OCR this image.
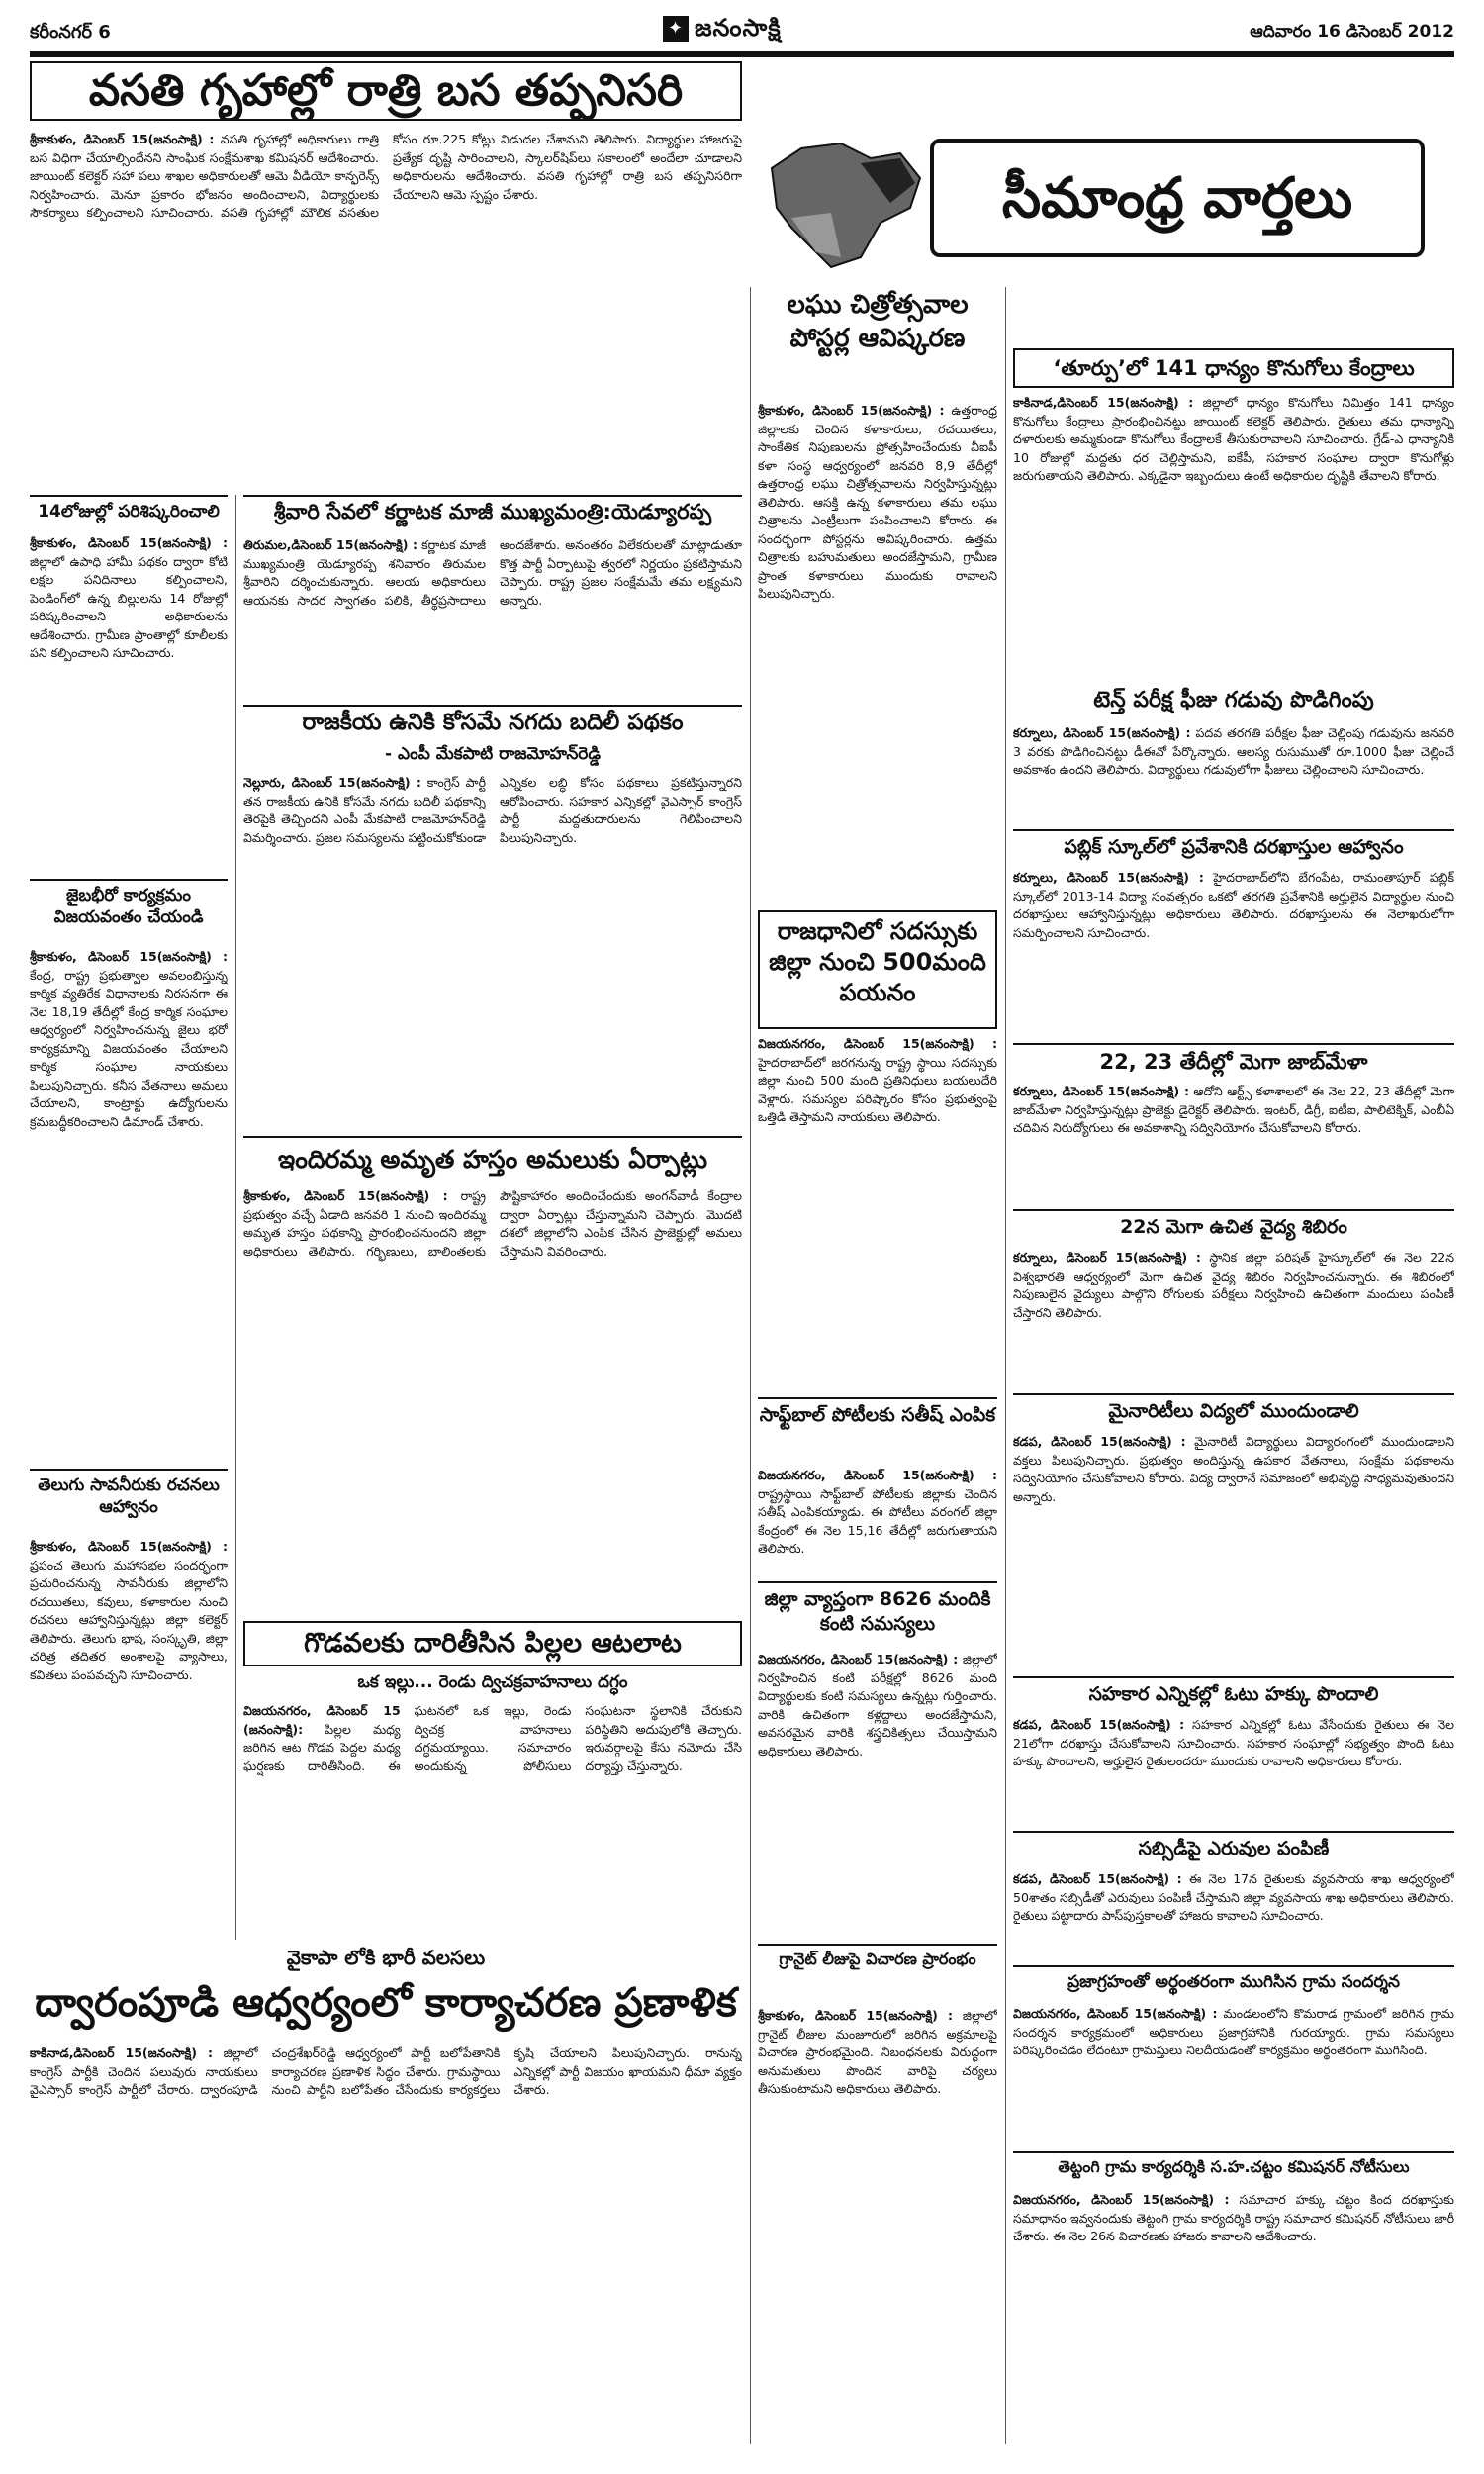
కరీంనగర్ 6	✦ జనంసాక్షి	ఆదివారం 16 డిసెంబర్ 2012
వసతి గృహాల్లో రాత్రి బస తప్పనిసరి
సీమాంధ్ర వార్తలు

శ్రీకాకుళం, డిసెంబర్ 15(జనంసాక్షి) : వసతి గృహాల్లో అధికారులు రాత్రి బస విధిగా చేయాల్సిందేనని సాంఘిక సంక్షేమశాఖ కమిషనర్ ఆదేశించారు. జాయింట్ కలెక్టర్ సహా పలు శాఖల అధికారులతో ఆమె వీడియో కాన్ఫరెన్స్ నిర్వహించారు. మెనూ ప్రకారం భోజనం అందించాలని, విద్యార్థులకు సౌకర్యాలు కల్పించాలని సూచించారు. వసతి గృహాల్లో మౌలిక వసతుల కోసం రూ.225 కోట్లు విడుదల చేశామని తెలిపారు. విద్యార్థుల హాజరుపై ప్రత్యేక దృష్టి సారించాలని, స్కాలర్‌షిప్‌లు సకాలంలో అందేలా చూడాలని అధికారులను ఆదేశించారు. వసతి గృహాల్లో రాత్రి బస తప్పనిసరిగా చేయాలని ఆమె స్పష్టం చేశారు.

14లోజుల్లో పరిశిష్కరించాలి

శ్రీకాకుళం, డిసెంబర్ 15(జనంసాక్షి) : జిల్లాలో ఉపాధి హామీ పథకం ద్వారా కోటి లక్షల పనిదినాలు కల్పించాలని, పెండింగ్‌లో ఉన్న బిల్లులను 14 రోజుల్లో పరిష్కరించాలని అధికారులను ఆదేశించారు. గ్రామీణ ప్రాంతాల్లో కూలీలకు పని కల్పించాలని సూచించారు.

జైబభీరో కార్యక్రమం విజయవంతం చేయండి

శ్రీకాకుళం, డిసెంబర్ 15(జనంసాక్షి) : కేంద్ర, రాష్ట్ర ప్రభుత్వాల అవలంబిస్తున్న కార్మిక వ్యతిరేక విధానాలకు నిరసనగా ఈ నెల 18,19 తేదీల్లో కేంద్ర కార్మిక సంఘాల ఆధ్వర్యంలో నిర్వహించనున్న జైలు భరో కార్యక్రమాన్ని విజయవంతం చేయాలని కార్మిక సంఘాల నాయకులు పిలుపునిచ్చారు. కనీస వేతనాలు అమలు చేయాలని, కాంట్రాక్టు ఉద్యోగులను క్రమబద్ధీకరించాలని డిమాండ్ చేశారు.

తెలుగు సావనీరుకు రచనలు ఆహ్వానం

శ్రీకాకుళం, డిసెంబర్ 15(జనంసాక్షి) : ప్రపంచ తెలుగు మహాసభల సందర్భంగా ప్రచురించనున్న సావనీరుకు జిల్లాలోని రచయితలు, కవులు, కళాకారుల నుంచి రచనలు ఆహ్వానిస్తున్నట్లు జిల్లా కలెక్టర్ తెలిపారు. తెలుగు భాష, సంస్కృతి, జిల్లా చరిత్ర తదితర అంశాలపై వ్యాసాలు, కవితలు పంపవచ్చని సూచించారు.

శ్రీవారి సేవలో కర్ణాటక మాజీ ముఖ్యమంత్రి:యెడ్యూరప్ప

తిరుమల,డిసెంబర్ 15(జనంసాక్షి) : కర్ణాటక మాజీ ముఖ్యమంత్రి యెడ్యూరప్ప శనివారం తిరుమల శ్రీవారిని దర్శించుకున్నారు. ఆలయ అధికారులు ఆయనకు సాదర స్వాగతం పలికి, తీర్థప్రసాదాలు అందజేశారు. అనంతరం విలేకరులతో మాట్లాడుతూ కొత్త పార్టీ ఏర్పాటుపై త్వరలో నిర్ణయం ప్రకటిస్తామని చెప్పారు. రాష్ట్ర ప్రజల సంక్షేమమే తమ లక్ష్యమని అన్నారు.

రాజకీయ ఉనికి కోసమే నగదు బదిలీ పథకం
- ఎంపీ మేకపాటి రాజమోహన్‌రెడ్డి

నెల్లూరు, డిసెంబర్ 15(జనంసాక్షి) : కాంగ్రెస్ పార్టీ తన రాజకీయ ఉనికి కోసమే నగదు బదిలీ పథకాన్ని తెరపైకి తెచ్చిందని ఎంపీ మేకపాటి రాజమోహన్‌రెడ్డి విమర్శించారు. ప్రజల సమస్యలను పట్టించుకోకుండా ఎన్నికల లబ్ధి కోసం పథకాలు ప్రకటిస్తున్నారని ఆరోపించారు. సహకార ఎన్నికల్లో వైఎస్సార్ కాంగ్రెస్ పార్టీ మద్దతుదారులను గెలిపించాలని పిలుపునిచ్చారు.

ఇందిరమ్మ అమృత హస్తం అమలుకు ఏర్పాట్లు

శ్రీకాకుళం, డిసెంబర్ 15(జనంసాక్షి) : రాష్ట్ర ప్రభుత్వం వచ్చే ఏడాది జనవరి 1 నుంచి ఇందిరమ్మ అమృత హస్తం పథకాన్ని ప్రారంభించనుందని జిల్లా అధికారులు తెలిపారు. గర్భిణులు, బాలింతలకు పౌష్టికాహారం అందించేందుకు అంగన్‌వాడీ కేంద్రాల ద్వారా ఏర్పాట్లు చేస్తున్నామని చెప్పారు. మొదటి దశలో జిల్లాలోని ఎంపిక చేసిన ప్రాజెక్టుల్లో అమలు చేస్తామని వివరించారు.

గొడవలకు దారితీసిన పిల్లల ఆటలాట
ఒక ఇల్లు... రెండు ద్విచక్రవాహనాలు దగ్ధం

విజయనగరం, డిసెంబర్ 15 (జనంసాక్షి): పిల్లల మధ్య జరిగిన ఆట గొడవ పెద్దల మధ్య ఘర్షణకు దారితీసింది. ఈ ఘటనలో ఒక ఇల్లు, రెండు ద్విచక్ర వాహనాలు దగ్ధమయ్యాయి. సమాచారం అందుకున్న పోలీసులు సంఘటనా స్థలానికి చేరుకుని పరిస్థితిని అదుపులోకి తెచ్చారు. ఇరువర్గాలపై కేసు నమోదు చేసి దర్యాప్తు చేస్తున్నారు.

లఘు చిత్రోత్సవాల పోస్టర్ల ఆవిష్కరణ

శ్రీకాకుళం, డిసెంబర్ 15(జనంసాక్షి) : ఉత్తరాంధ్ర జిల్లాలకు చెందిన కళాకారులు, రచయితలు, సాంకేతిక నిపుణులను ప్రోత్సహించేందుకు వీఐపీ కళా సంస్థ ఆధ్వర్యంలో జనవరి 8,9 తేదీల్లో ఉత్తరాంధ్ర లఘు చిత్రోత్సవాలను నిర్వహిస్తున్నట్లు తెలిపారు. ఆసక్తి ఉన్న కళాకారులు తమ లఘు చిత్రాలను ఎంట్రీలుగా పంపించాలని కోరారు. ఈ సందర్భంగా పోస్టర్లను ఆవిష్కరించారు. ఉత్తమ చిత్రాలకు బహుమతులు అందజేస్తామని, గ్రామీణ ప్రాంత కళాకారులు ముందుకు రావాలని పిలుపునిచ్చారు.

రాజధానిలో సదస్సుకు జిల్లా నుంచి 500మంది పయనం

విజయనగరం, డిసెంబర్ 15(జనంసాక్షి) : హైదరాబాద్‌లో జరగనున్న రాష్ట్ర స్థాయి సదస్సుకు జిల్లా నుంచి 500 మంది ప్రతినిధులు బయలుదేరి వెళ్లారు. సమస్యల పరిష్కారం కోసం ప్రభుత్వంపై ఒత్తిడి తెస్తామని నాయకులు తెలిపారు.

సాఫ్ట్‌బాల్ పోటీలకు సతీష్ ఎంపిక

విజయనగరం, డిసెంబర్ 15(జనంసాక్షి) : రాష్ట్రస్థాయి సాఫ్ట్‌బాల్ పోటీలకు జిల్లాకు చెందిన సతీష్ ఎంపికయ్యాడు. ఈ పోటీలు వరంగల్ జిల్లా కేంద్రంలో ఈ నెల 15,16 తేదీల్లో జరుగుతాయని తెలిపారు.

జిల్లా వ్యాప్తంగా 8626 మందికి కంటి సమస్యలు

విజయనగరం, డిసెంబర్ 15(జనంసాక్షి) : జిల్లాలో నిర్వహించిన కంటి పరీక్షల్లో 8626 మంది విద్యార్థులకు కంటి సమస్యలు ఉన్నట్లు గుర్తించారు. వారికి ఉచితంగా కళ్లద్దాలు అందజేస్తామని, అవసరమైన వారికి శస్త్రచికిత్సలు చేయిస్తామని అధికారులు తెలిపారు.

గ్రానైట్ లీజుపై విచారణ ప్రారంభం

శ్రీకాకుళం, డిసెంబర్ 15(జనంసాక్షి) : జిల్లాలో గ్రానైట్ లీజుల మంజూరులో జరిగిన అక్రమాలపై విచారణ ప్రారంభమైంది. నిబంధనలకు విరుద్ధంగా అనుమతులు పొందిన వారిపై చర్యలు తీసుకుంటామని అధికారులు తెలిపారు.

వైకాపా లోకి భారీ వలసలు
ద్వారంపూడి ఆధ్వర్యంలో కార్యాచరణ ప్రణాళిక

కాకినాడ,డిసెంబర్ 15(జనంసాక్షి) : జిల్లాలో కాంగ్రెస్ పార్టీకి చెందిన పలువురు నాయకులు వైఎస్సార్ కాంగ్రెస్ పార్టీలో చేరారు. ద్వారంపూడి చంద్రశేఖర్‌రెడ్డి ఆధ్వర్యంలో పార్టీ బలోపేతానికి కార్యాచరణ ప్రణాళిక సిద్ధం చేశారు. గ్రామస్థాయి నుంచి పార్టీని బలోపేతం చేసేందుకు కార్యకర్తలు కృషి చేయాలని పిలుపునిచ్చారు. రానున్న ఎన్నికల్లో పార్టీ విజయం ఖాయమని ధీమా వ్యక్తం చేశారు.

‘తూర్పు’లో 141 ధాన్యం కొనుగోలు కేంద్రాలు

కాకినాడ,డిసెంబర్ 15(జనంసాక్షి) : జిల్లాలో ధాన్యం కొనుగోలు నిమిత్తం 141 ధాన్యం కొనుగోలు కేంద్రాలు ప్రారంభించినట్టు జాయింట్ కలెక్టర్ తెలిపారు. రైతులు తమ ధాన్యాన్ని దళారులకు అమ్మకుండా కొనుగోలు కేంద్రాలకే తీసుకురావాలని సూచించారు. గ్రేడ్-ఎ ధాన్యానికి 10 రోజుల్లో మద్దతు ధర చెల్లిస్తామని, ఐకేపీ, సహకార సంఘాల ద్వారా కొనుగోళ్లు జరుగుతాయని తెలిపారు. ఎక్కడైనా ఇబ్బందులు ఉంటే అధికారుల దృష్టికి తేవాలని కోరారు.

టెన్త్ పరీక్ష ఫీజు గడువు పొడిగింపు

కర్నూలు, డిసెంబర్ 15(జనంసాక్షి) : పదవ తరగతి పరీక్షల ఫీజు చెల్లింపు గడువును జనవరి 3 వరకు పొడిగించినట్టు డీఈవో పేర్కొన్నారు. ఆలస్య రుసుముతో రూ.1000 ఫీజు చెల్లించే అవకాశం ఉందని తెలిపారు. విద్యార్థులు గడువులోగా ఫీజులు చెల్లించాలని సూచించారు.

పబ్లిక్ స్కూల్‌లో ప్రవేశానికి దరఖాస్తుల ఆహ్వానం

కర్నూలు, డిసెంబర్ 15(జనంసాక్షి) : హైదరాబాద్‌లోని బేగంపేట, రామంతాపూర్ పబ్లిక్ స్కూల్‌లో 2013-14 విద్యా సంవత్సరం ఒకటో తరగతి ప్రవేశానికి అర్హులైన విద్యార్థుల నుంచి దరఖాస్తులు ఆహ్వానిస్తున్నట్లు అధికారులు తెలిపారు. దరఖాస్తులను ఈ నెలాఖరులోగా సమర్పించాలని సూచించారు.

22, 23 తేదీల్లో మెగా జాబ్‌మేళా

కర్నూలు, డిసెంబర్ 15(జనంసాక్షి) : ఆదోని ఆర్ట్స్ కళాశాలలో ఈ నెల 22, 23 తేదీల్లో మెగా జాబ్‌మేళా నిర్వహిస్తున్నట్లు ప్రాజెక్టు డైరెక్టర్ తెలిపారు. ఇంటర్, డిగ్రీ, ఐటీఐ, పాలిటెక్నిక్, ఎంబీఏ చదివిన నిరుద్యోగులు ఈ అవకాశాన్ని సద్వినియోగం చేసుకోవాలని కోరారు.

22న మెగా ఉచిత వైద్య శిబిరం

కర్నూలు, డిసెంబర్ 15(జనంసాక్షి) : స్థానిక జిల్లా పరిషత్ హైస్కూల్‌లో ఈ నెల 22న విశ్వభారతి ఆధ్వర్యంలో మెగా ఉచిత వైద్య శిబిరం నిర్వహించనున్నారు. ఈ శిబిరంలో నిపుణులైన వైద్యులు పాల్గొని రోగులకు పరీక్షలు నిర్వహించి ఉచితంగా మందులు పంపిణీ చేస్తారని తెలిపారు.

మైనారిటీలు విద్యలో ముందుండాలి

కడప, డిసెంబర్ 15(జనంసాక్షి) : మైనారిటీ విద్యార్థులు విద్యారంగంలో ముందుండాలని వక్తలు పిలుపునిచ్చారు. ప్రభుత్వం అందిస్తున్న ఉపకార వేతనాలు, సంక్షేమ పథకాలను సద్వినియోగం చేసుకోవాలని కోరారు. విద్య ద్వారానే సమాజంలో అభివృద్ధి సాధ్యమవుతుందని అన్నారు.

సహకార ఎన్నికల్లో ఓటు హక్కు పొందాలి

కడప, డిసెంబర్ 15(జనంసాక్షి) : సహకార ఎన్నికల్లో ఓటు వేసేందుకు రైతులు ఈ నెల 21లోగా దరఖాస్తు చేసుకోవాలని సూచించారు. సహకార సంఘాల్లో సభ్యత్వం పొంది ఓటు హక్కు పొందాలని, అర్హులైన రైతులందరూ ముందుకు రావాలని అధికారులు కోరారు.

సబ్సిడీపై ఎరువుల పంపిణీ

కడప, డిసెంబర్ 15(జనంసాక్షి) : ఈ నెల 17న రైతులకు వ్యవసాయ శాఖ ఆధ్వర్యంలో 50శాతం సబ్సిడీతో ఎరువులు పంపిణీ చేస్తామని జిల్లా వ్యవసాయ శాఖ అధికారులు తెలిపారు. రైతులు పట్టాదారు పాస్‌పుస్తకాలతో హాజరు కావాలని సూచించారు.

ప్రజాగ్రహంతో అర్థంతరంగా ముగిసిన గ్రామ సందర్శన

విజయనగరం, డిసెంబర్ 15(జనంసాక్షి) : మండలంలోని కొమరాడ గ్రామంలో జరిగిన గ్రామ సందర్శన కార్యక్రమంలో అధికారులు ప్రజాగ్రహానికి గురయ్యారు. గ్రామ సమస్యలు పరిష్కరించడం లేదంటూ గ్రామస్తులు నిలదీయడంతో కార్యక్రమం అర్థంతరంగా ముగిసింది.

తెట్టంగి గ్రామ కార్యదర్శికి స.హ.చట్టం కమిషనర్ నోటీసులు

విజయనగరం, డిసెంబర్ 15(జనంసాక్షి) : సమాచార హక్కు చట్టం కింద దరఖాస్తుకు సమాధానం ఇవ్వనందుకు తెట్టంగి గ్రామ కార్యదర్శికి రాష్ట్ర సమాచార కమిషనర్ నోటీసులు జారీ చేశారు. ఈ నెల 26న విచారణకు హాజరు కావాలని ఆదేశించారు.
